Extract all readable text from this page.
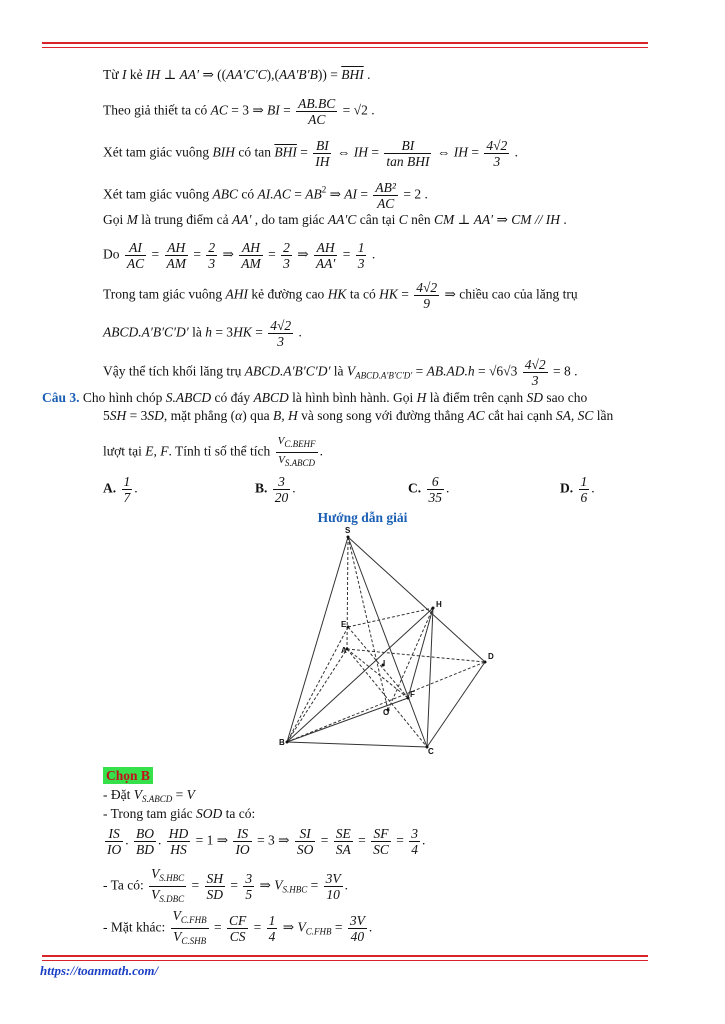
Từ I kẻ IH ⊥ AA′ ⇒ $((AA'C'C),(AA'B'B)) = \overline{BHI}$ .
Theo giả thiết ta có AC = 3 ⇒ BI = $\frac{AB.BC}{AC} = √2$ .
Xét tam giác vuông BIH có $\tan \overline{BHI} = \frac{BI}{IH}$ ⇔ IH = $\frac{BI}{\text{tan BHI}}$ ⇔ IH = $\frac{4√2}{3}$ .
Xét tam giác vuông ABC có $AI.AC = AB^2$ ⇒ AI = $\frac{\text{AB²}}{AC} = 2$ .
Gọi M là trung điểm cả AA′ , do tam giác AA′C cân tại C nên CM ⊥ AA′ ⇒ CM // IH .
Do $\frac{AI}{AC} = \frac{AH}{AM} = \frac{2}{3}$ ⇒ $\frac{AH}{AM} = \frac{2}{3}$ ⇒ $\frac{AH}{AA'} = \frac{1}{3}$ .
Trong tam giác vuông AHI kẻ đường cao HK ta có HK = $\frac{4√2}{9}$ ⇒ chiều cao của lăng trụ
ABCD.A′B′C′D′ là $h = 3HK = \frac{4√2}{3}$ .
Vậy thể tích khối lăng trụ ABCD.A′B′C′D′ là $V_{ABCD.A'B'C'D'} = AB.AD.h = √6√3 \frac{4√2}{3} = 8$ .
Câu 3. Cho hình chóp S.ABCD có đáy ABCD là hình bình hành. Gọi H là điểm trên cạnh SD sao cho
5SH = 3SD, mặt phẳng (α) qua B, H và song song với đường thẳng AC cắt hai cạnh SA, SC lần
lượt tại E, F. Tính tỉ số thể tích $\frac{V_{C.BEHF}}{V_{S.ABCD}}$ .
A. $\frac{1}{7}$ .	B. $\frac{3}{20}$ .	C. $\frac{6}{35}$ .	D. $\frac{1}{6}$ .
Hướng dẫn giải
S
H
E
A
I
D
F
O
B
C
Chọn B
- Đặt $V_{S.ABCD} = V$
- Trong tam giác SOD ta có:
$\frac{IS}{IO}$ . $\frac{BO}{BD}$ . $\frac{HD}{HS} = 1$ ⇒ $\frac{IS}{IO} = 3$ ⇒ $\frac{SI}{SO} = \frac{SE}{SA} = \frac{SF}{SC} = \frac{3}{4}$ .
- Ta có: $\frac{V_{S.HBC}}{V_{S.DBC}} = \frac{SH}{SD} = \frac{3}{5}$ ⇒ $V_{S.HBC} = \frac{3V}{10}$ .
- Mặt khác: $\frac{V_{C.FHB}}{V_{C.SHB}} = \frac{CF}{CS} = \frac{1}{4}$ ⇒ $V_{C.FHB} = \frac{3V}{40}$ .
https://toanmath.com/
